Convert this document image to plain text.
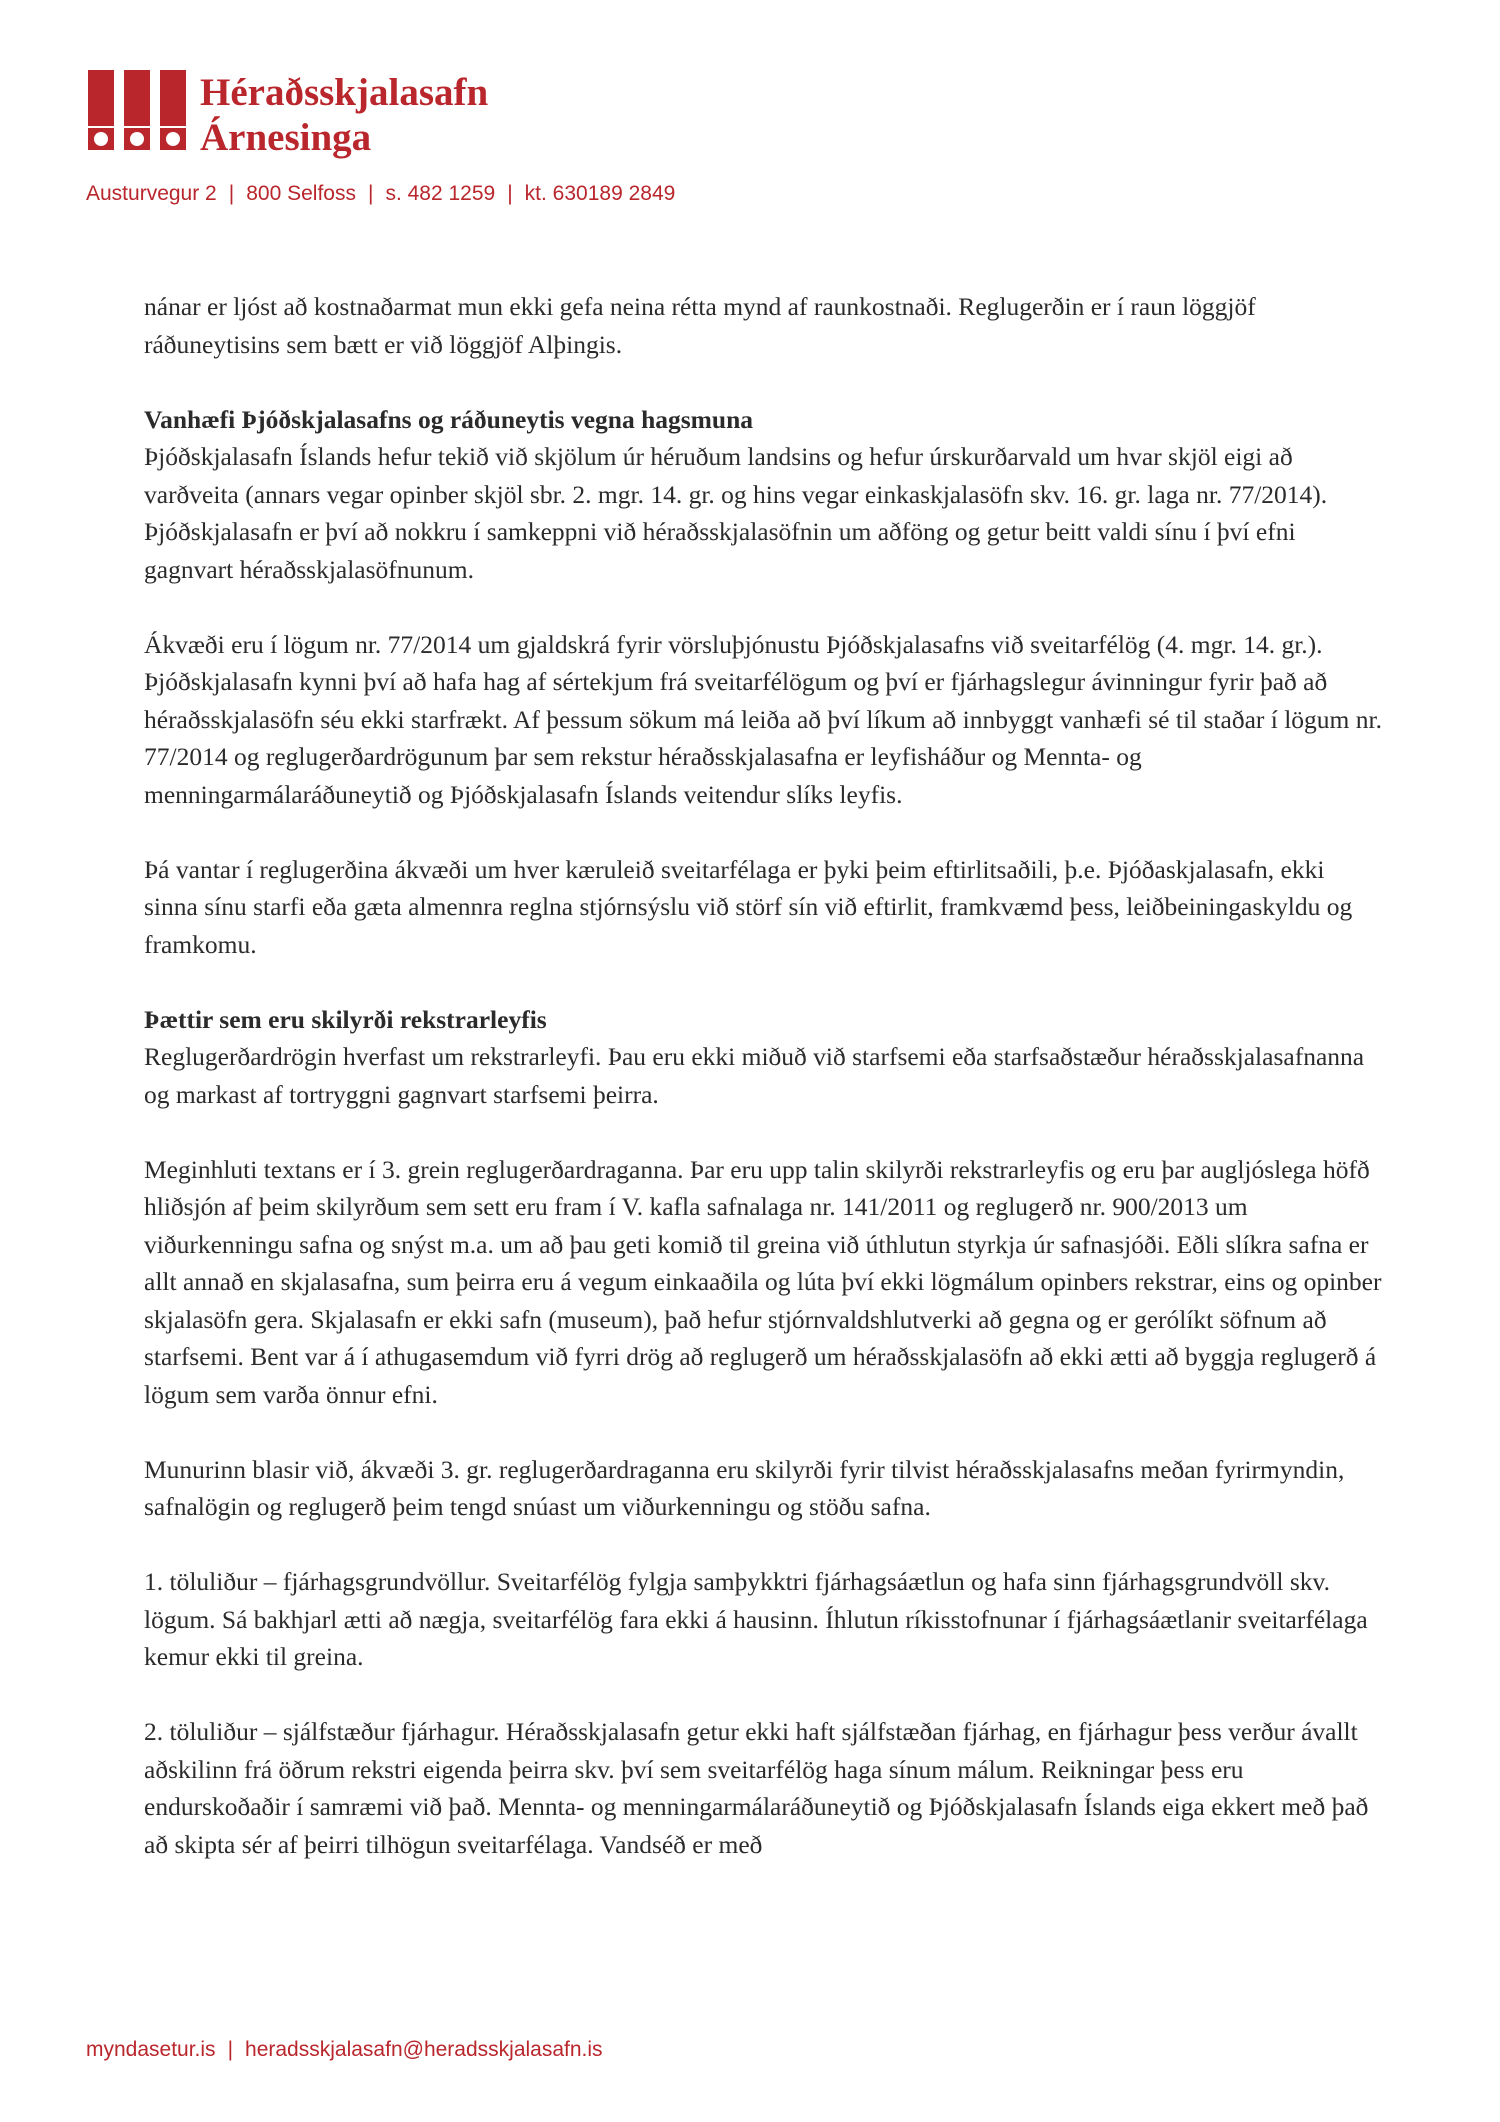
Héraðsskjalasafn
Árnesinga
Austurvegur 2 | 800 Selfoss | s. 482 1259 | kt. 630189 2849

nánar er ljóst að kostnaðarmat mun ekki gefa neina rétta mynd af raunkostnaði. Reglugerðin er í raun löggjöf ráðuneytisins sem bætt er við löggjöf Alþingis.

Vanhæfi Þjóðskjalasafns og ráðuneytis vegna hagsmuna

Þjóðskjalasafn Íslands hefur tekið við skjölum úr héruðum landsins og hefur úrskurðarvald um hvar skjöl eigi að varðveita (annars vegar opinber skjöl sbr. 2. mgr. 14. gr. og hins vegar einkaskjalasöfn skv. 16. gr. laga nr. 77/2014). Þjóðskjalasafn er því að nokkru í samkeppni við héraðsskjalasöfnin um aðföng og getur beitt valdi sínu í því efni gagnvart héraðsskjalasöfnunum.

Ákvæði eru í lögum nr. 77/2014 um gjaldskrá fyrir vörsluþjónustu Þjóðskjalasafns við sveitarfélög (4. mgr. 14. gr.). Þjóðskjalasafn kynni því að hafa hag af sértekjum frá sveitarfélögum og því er fjárhagslegur ávinningur fyrir það að héraðsskjalasöfn séu ekki starfrækt. Af þessum sökum má leiða að því líkum að innbyggt vanhæfi sé til staðar í lögum nr. 77/2014 og reglugerðardrögunum þar sem rekstur héraðsskjalasafna er leyfisháður og Mennta- og menningarmálaráðuneytið og Þjóðskjalasafn Íslands veitendur slíks leyfis.

Þá vantar í reglugerðina ákvæði um hver kæruleið sveitarfélaga er þyki þeim eftirlitsaðili, þ.e. Þjóðaskjalasafn, ekki sinna sínu starfi eða gæta almennra reglna stjórnsýslu við störf sín við eftirlit, framkvæmd þess, leiðbeiningaskyldu og framkomu.

Þættir sem eru skilyrði rekstrarleyfis

Reglugerðardrögin hverfast um rekstrarleyfi. Þau eru ekki miðuð við starfsemi eða starfsaðstæður héraðsskjalasafnanna og markast af tortryggni gagnvart starfsemi þeirra.

Meginhluti textans er í 3. grein reglugerðardraganna. Þar eru upp talin skilyrði rekstrarleyfis og eru þar augljóslega höfð hliðsjón af þeim skilyrðum sem sett eru fram í V. kafla safnalaga nr. 141/2011 og reglugerð nr. 900/2013 um viðurkenningu safna og snýst m.a. um að þau geti komið til greina við úthlutun styrkja úr safnasjóði. Eðli slíkra safna er allt annað en skjalasafna, sum þeirra eru á vegum einkaaðila og lúta því ekki lögmálum opinbers rekstrar, eins og opinber skjalasöfn gera. Skjalasafn er ekki safn (museum), það hefur stjórnvaldshlutverki að gegna og er gerólíkt söfnum að starfsemi. Bent var á í athugasemdum við fyrri drög að reglugerð um héraðsskjalasöfn að ekki ætti að byggja reglugerð á lögum sem varða önnur efni.

Munurinn blasir við, ákvæði 3. gr. reglugerðardraganna eru skilyrði fyrir tilvist héraðsskjalasafns meðan fyrirmyndin, safnalögin og reglugerð þeim tengd snúast um viðurkenningu og stöðu safna.

1. töluliður – fjárhagsgrundvöllur. Sveitarfélög fylgja samþykktri fjárhagsáætlun og hafa sinn fjárhagsgrundvöll skv. lögum. Sá bakhjarl ætti að nægja, sveitarfélög fara ekki á hausinn. Íhlutun ríkisstofnunar í fjárhagsáætlanir sveitarfélaga kemur ekki til greina.

2. töluliður – sjálfstæður fjárhagur. Héraðsskjalasafn getur ekki haft sjálfstæðan fjárhag, en fjárhagur þess verður ávallt aðskilinn frá öðrum rekstri eigenda þeirra skv. því sem sveitarfélög haga sínum málum. Reikningar þess eru endurskoðaðir í samræmi við það. Mennta- og menningarmálaráðuneytið og Þjóðskjalasafn Íslands eiga ekkert með það að skipta sér af þeirri tilhögun sveitarfélaga. Vandséð er með

myndasetur.is | heradsskjalasafn@heradsskjalasafn.is
